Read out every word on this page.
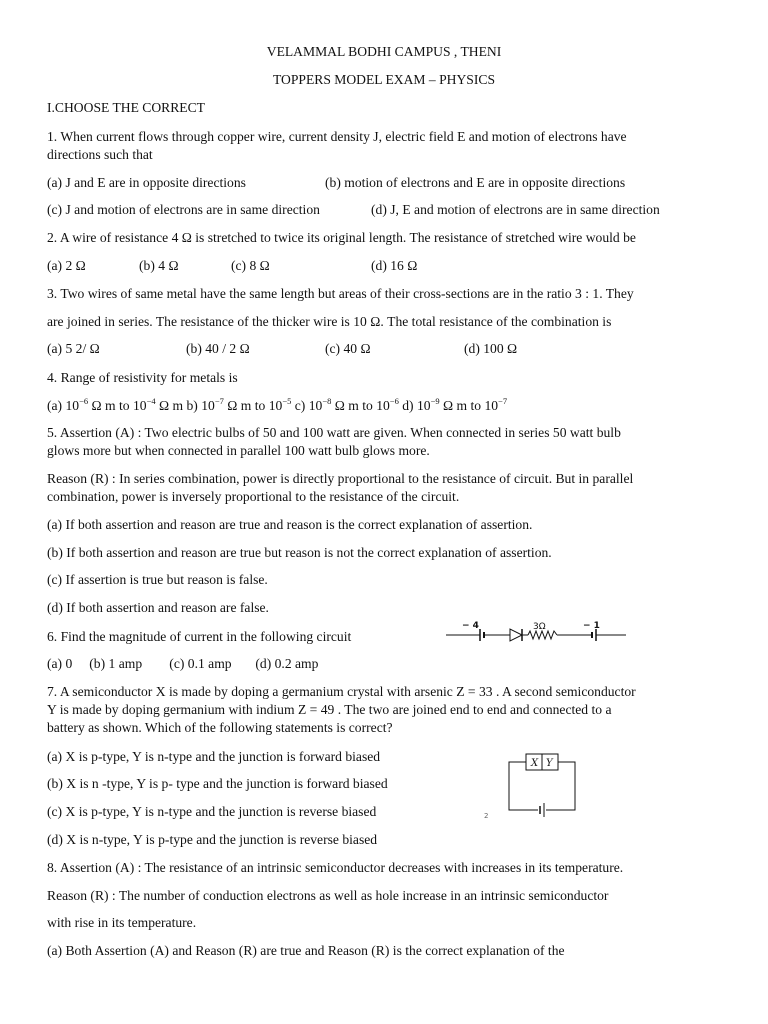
VELAMMAL BODHI CAMPUS , THENI
TOPPERS MODEL EXAM – PHYSICS
I.CHOOSE THE CORRECT
1. When current flows through copper wire, current density J, electric field E and motion of electrons have
directions such that
(a) J and E are in opposite directions	(b) motion of electrons and E are in opposite directions
(c) J and motion of electrons are in same direction	(d) J, E and motion of electrons are in same direction
2. A wire of resistance 4 Ω is stretched to twice its original length. The resistance of stretched wire would be
(a) 2 Ω	(b) 4 Ω	(c) 8 Ω	(d) 16 Ω
3. Two wires of same metal have the same length but areas of their cross-sections are in the ratio 3 : 1. They
are joined in series. The resistance of the thicker wire is 10 Ω. The total resistance of the combination is
(a) 5 2/ Ω	(b) 40 / 2 Ω	(c) 40 Ω	(d) 100 Ω
4. Range of resistivity for metals is
(a) $10^{-6}$ Ω m to $10^{-4}$ Ω m b) $10^{-7}$ Ω m to $10^{-5}$ c) $10^{-8}$ Ω m to $10^{-6}$ d) $10^{-9}$ Ω m to $10^{-7}$
5. Assertion (A) : Two electric bulbs of 50 and 100 watt are given. When connected in series 50 watt bulb
glows more but when connected in parallel 100 watt bulb glows more.
Reason (R) : In series combination, power is directly proportional to the resistance of circuit. But in parallel
combination, power is inversely proportional to the resistance of the circuit.
(a) If both assertion and reason are true and reason is the correct explanation of assertion.
(b) If both assertion and reason are true but reason is not the correct explanation of assertion.
(c) If assertion is true but reason is false.
(d) If both assertion and reason are false.
6. Find the magnitude of current in the following circuit
− 4	3Ω	− 1
(a) 0     (b) 1 amp        (c) 0.1 amp       (d) 0.2 amp
7. A semiconductor X is made by doping a germanium crystal with arsenic Z = 33 . A second semiconductor
Y is made by doping germanium with indium Z = 49 . The two are joined end to end and connected to a
battery as shown. Which of the following statements is correct?
(a) X is p-type, Y is n-type and the junction is forward biased
(b) X is n -type, Y is p- type and the junction is forward biased
(c) X is p-type, Y is n-type and the junction is reverse biased
(d) X is n-type, Y is p-type and the junction is reverse biased
X Y
2
8. Assertion (A) : The resistance of an intrinsic semiconductor decreases with increases in its temperature.
Reason (R) : The number of conduction electrons as well as hole increase in an intrinsic semiconductor
with rise in its temperature.
(a) Both Assertion (A) and Reason (R) are true and Reason (R) is the correct explanation of the
